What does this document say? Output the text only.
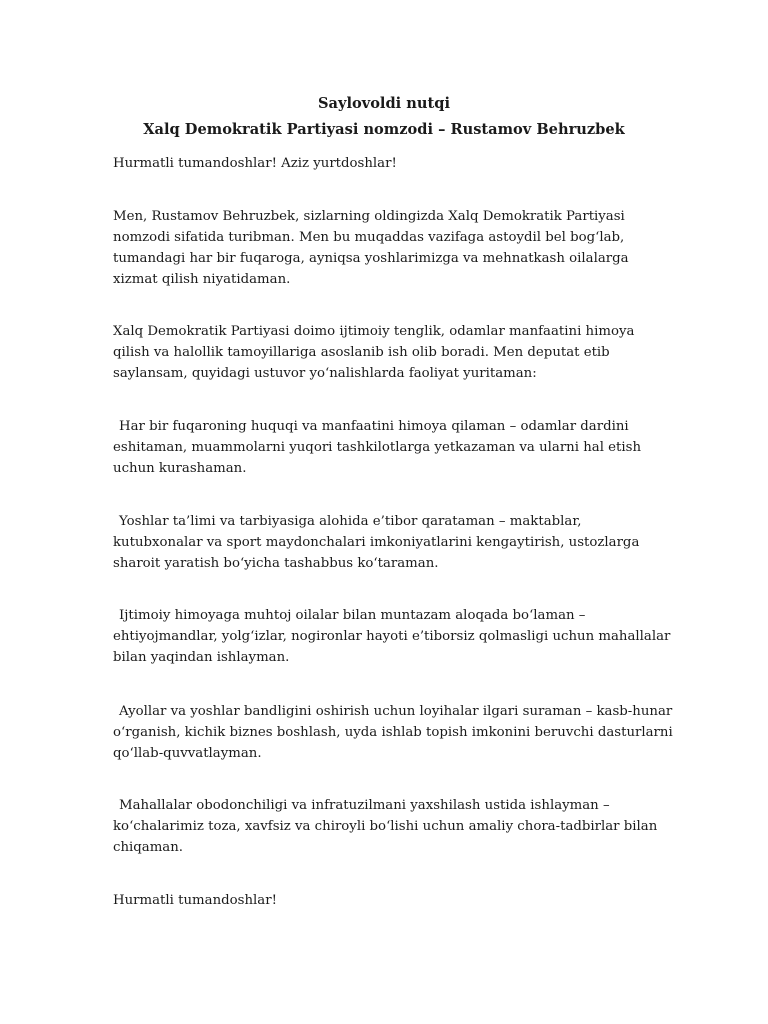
Saylovoldi nutqi

Xalq Demokratik Partiyasi nomzodi – Rustamov Behruzbek

Hurmatli tumandoshlar! Aziz yurtdoshlar!

Men, Rustamov Behruzbek, sizlarning oldingizda Xalq Demokratik Partiyasi nomzodi sifatida turibman. Men bu muqaddas vazifaga astoydil bel bog‘lab, tumandagi har bir fuqaroga, ayniqsa yoshlarimizga va mehnatkash oilalarga xizmat qilish niyatidaman.

Xalq Demokratik Partiyasi doimo ijtimoiy tenglik, odamlar manfaatini himoya qilish va halollik tamoyillariga asoslanib ish olib boradi. Men deputat etib saylansam, quyidagi ustuvor yo‘nalishlarda faoliyat yuritaman:

Har bir fuqaroning huquqi va manfaatini himoya qilaman – odamlar dardini eshitaman, muammolarni yuqori tashkilotlarga yetkazaman va ularni hal etish uchun kurashaman.

Yoshlar ta’limi va tarbiyasiga alohida e’tibor qarataman – maktablar, kutubxonalar va sport maydonchalari imkoniyatlarini kengaytirish, ustozlarga sharoit yaratish bo‘yicha tashabbus ko‘taraman.

Ijtimoiy himoyaga muhtoj oilalar bilan muntazam aloqada bo‘laman – ehtiyojmandlar, yolg‘izlar, nogironlar hayoti e’tiborsiz qolmasligi uchun mahallalar bilan yaqindan ishlayman.

Ayollar va yoshlar bandligini oshirish uchun loyihalar ilgari suraman – kasb-hunar o‘rganish, kichik biznes boshlash, uyda ishlab topish imkonini beruvchi dasturlarni qo‘llab-quvvatlayman.

Mahallalar obodonchiligi va infratuzilmani yaxshilash ustida ishlayman – ko‘chalarimiz toza, xavfsiz va chiroyli bo‘lishi uchun amaliy chora-tadbirlar bilan chiqaman.

Hurmatli tumandoshlar!
